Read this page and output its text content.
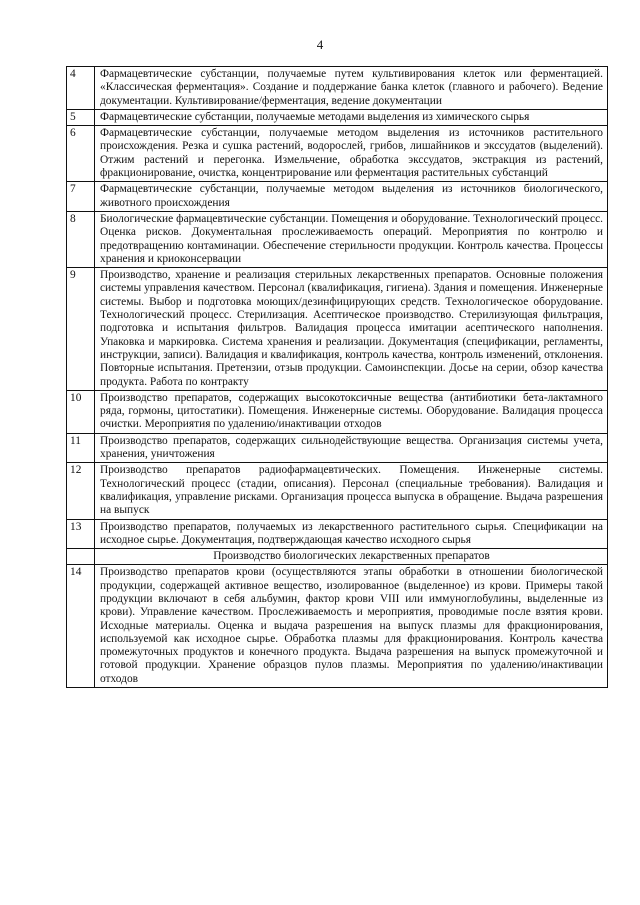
4
4	Фармацевтические субстанции, получаемые путем культивирования клеток или ферментацией. «Классическая ферментация». Создание и поддержание банка клеток (главного и рабочего). Ведение документации. Культивирование/ферментация, ведение документации
5	Фармацевтические субстанции, получаемые методами выделения из химического сырья
6	Фармацевтические субстанции, получаемые методом выделения из источников растительного происхождения. Резка и сушка растений, водорослей, грибов, лишайников и экссудатов (выделений). Отжим растений и перегонка. Измельчение, обработка экссудатов, экстракция из растений, фракционирование, очистка, концентрирование или ферментация растительных субстанций
7	Фармацевтические субстанции, получаемые методом выделения из источников биологического, животного происхождения
8	Биологические фармацевтические субстанции. Помещения и оборудование. Технологический процесс. Оценка рисков. Документальная прослеживаемость операций. Мероприятия по контролю и предотвращению контаминации. Обеспечение стерильности продукции. Контроль качества. Процессы хранения и криоконсервации
9	Производство, хранение и реализация стерильных лекарственных препаратов. Основные положения системы управления качеством. Персонал (квалификация, гигиена). Здания и помещения. Инженерные системы. Выбор и подготовка моющих/дезинфицирующих средств. Технологическое оборудование. Технологический процесс. Стерилизация. Асептическое производство. Стерилизующая фильтрация, подготовка и испытания фильтров. Валидация процесса имитации асептического наполнения. Упаковка и маркировка. Система хранения и реализации. Документация (спецификации, регламенты, инструкции, записи). Валидация и квалификация, контроль качества, контроль изменений, отклонения. Повторные испытания. Претензии, отзыв продукции. Самоинспекции. Досье на серии, обзор качества продукта. Работа по контракту
10	Производство препаратов, содержащих высокотоксичные вещества (антибиотики бета-лактамного ряда, гормоны, цитостатики). Помещения. Инженерные системы. Оборудование. Валидация процесса очистки. Мероприятия по удалению/инактивации отходов
11	Производство препаратов, содержащих сильнодействующие вещества. Организация системы учета, хранения, уничтожения
12	Производство препаратов радиофармацевтических. Помещения. Инженерные системы. Технологический процесс (стадии, описания). Персонал (специальные требования). Валидация и квалификация, управление рисками. Организация процесса выпуска в обращение. Выдача разрешения на выпуск
13	Производство препаратов, получаемых из лекарственного растительного сырья. Спецификации на исходное сырье. Документация, подтверждающая качество исходного сырья
	Производство биологических лекарственных препаратов
14	Производство препаратов крови (осуществляются этапы обработки в отношении биологической продукции, содержащей активное вещество, изолированное (выделенное) из крови. Примеры такой продукции включают в себя альбумин, фактор крови VIII или иммуноглобулины, выделенные из крови). Управление качеством. Прослеживаемость и мероприятия, проводимые после взятия крови. Исходные материалы. Оценка и выдача разрешения на выпуск плазмы для фракционирования, используемой как исходное сырье. Обработка плазмы для фракционирования. Контроль качества промежуточных продуктов и конечного продукта. Выдача разрешения на выпуск промежуточной и готовой продукции. Хранение образцов пулов плазмы. Мероприятия по удалению/инактивации отходов
